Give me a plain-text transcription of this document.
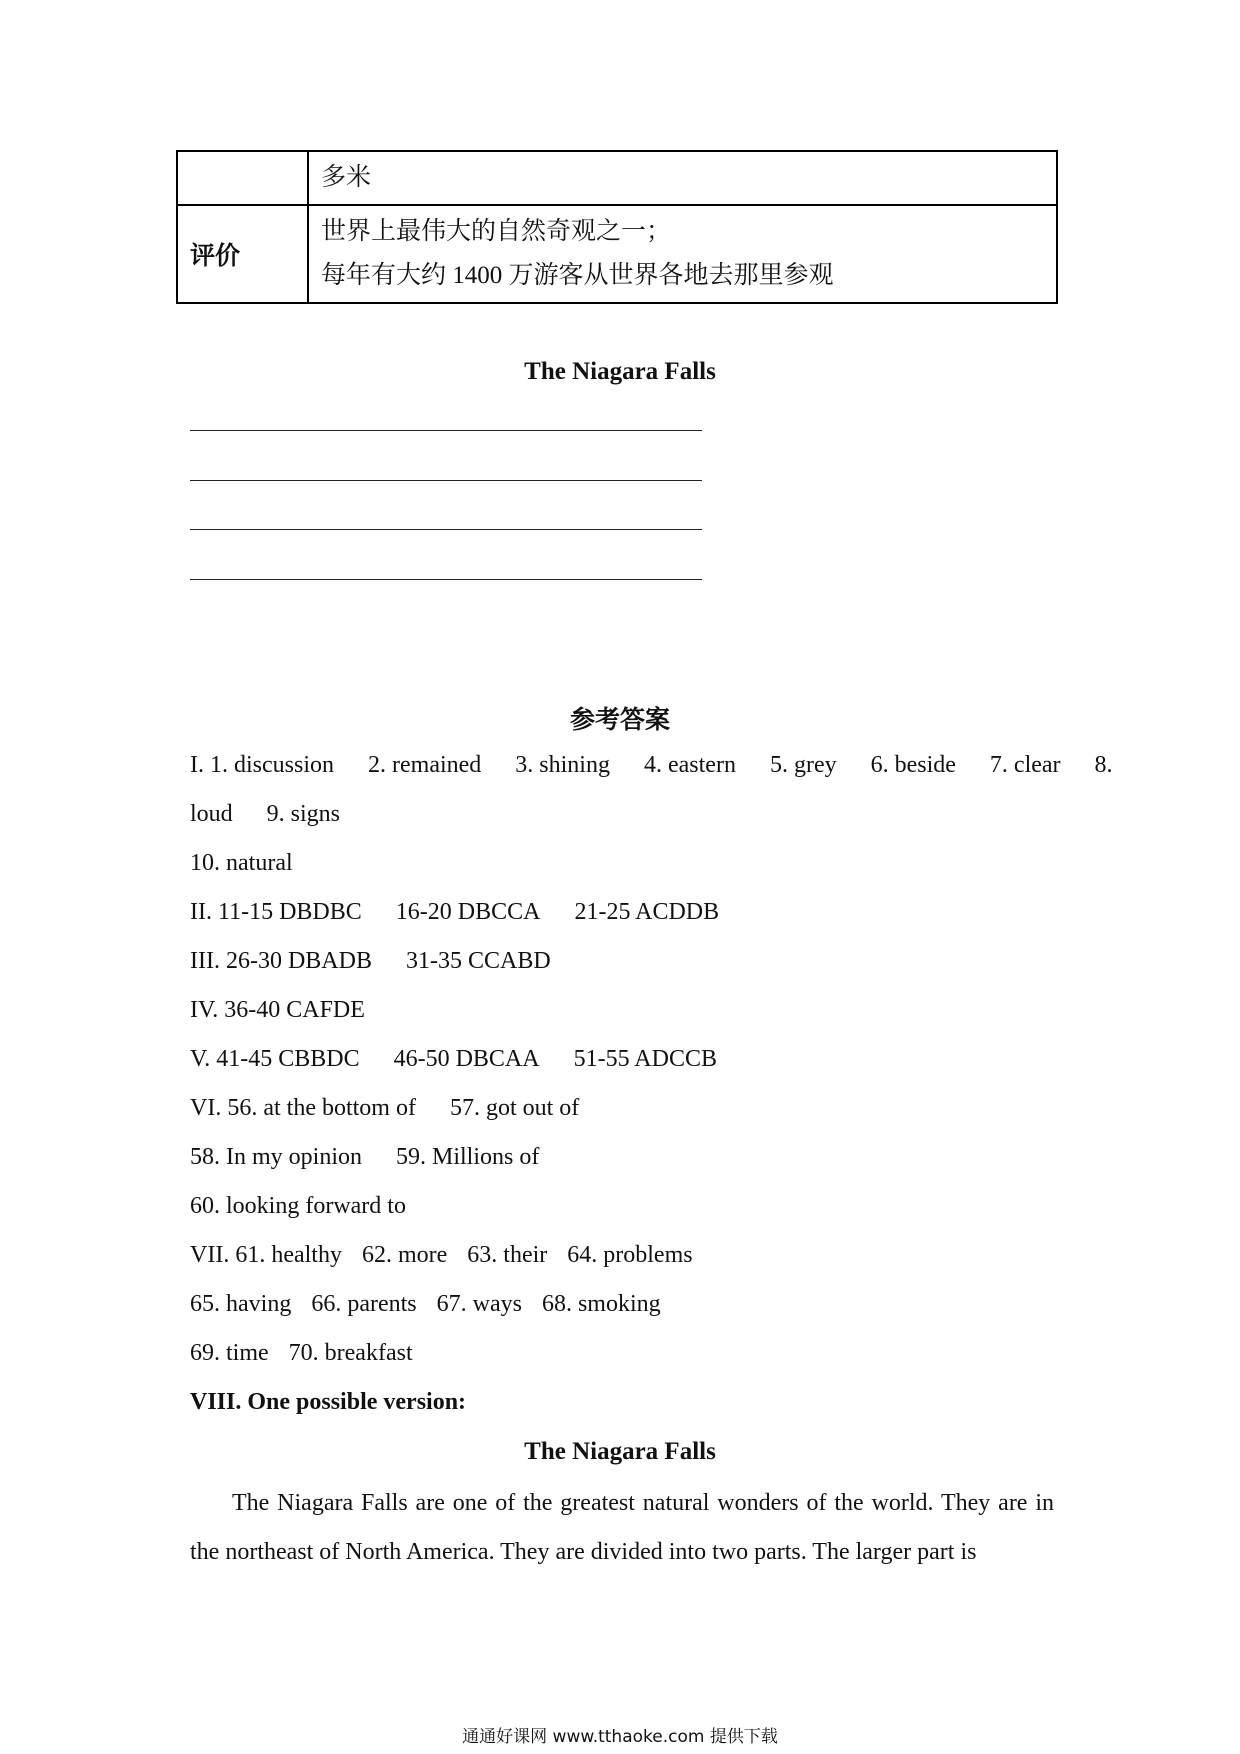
	多米
评价	世界上最伟大的自然奇观之一；
每年有大约 1400 万游客从世界各地去那里参观

The Niagara Falls

参考答案

I. 1. discussion 2. remained 3. shining 4. eastern 5. grey 6. beside 7. clear 8.

loud 9. signs

10. natural

II. 11-15 DBDBC 16-20 DBCCA 21-25 ACDDB

III. 26-30 DBADB 31-35 CCABD

IV. 36-40 CAFDE

V. 41-45 CBBDC 46-50 DBCAA 51-55 ADCCB

VI. 56. at the bottom of 57. got out of

58. In my opinion 59. Millions of

60. looking forward to

VII. 61. healthy 62. more 63. their 64. problems

65. having 66. parents 67. ways 68. smoking

69. time 70. breakfast

VIII. One possible version:

The Niagara Falls

The Niagara Falls are one of the greatest natural wonders of the world. They are in the northeast of North America. They are divided into two parts. The larger part is

通通好课网 www.tthaoke.com 提供下载
